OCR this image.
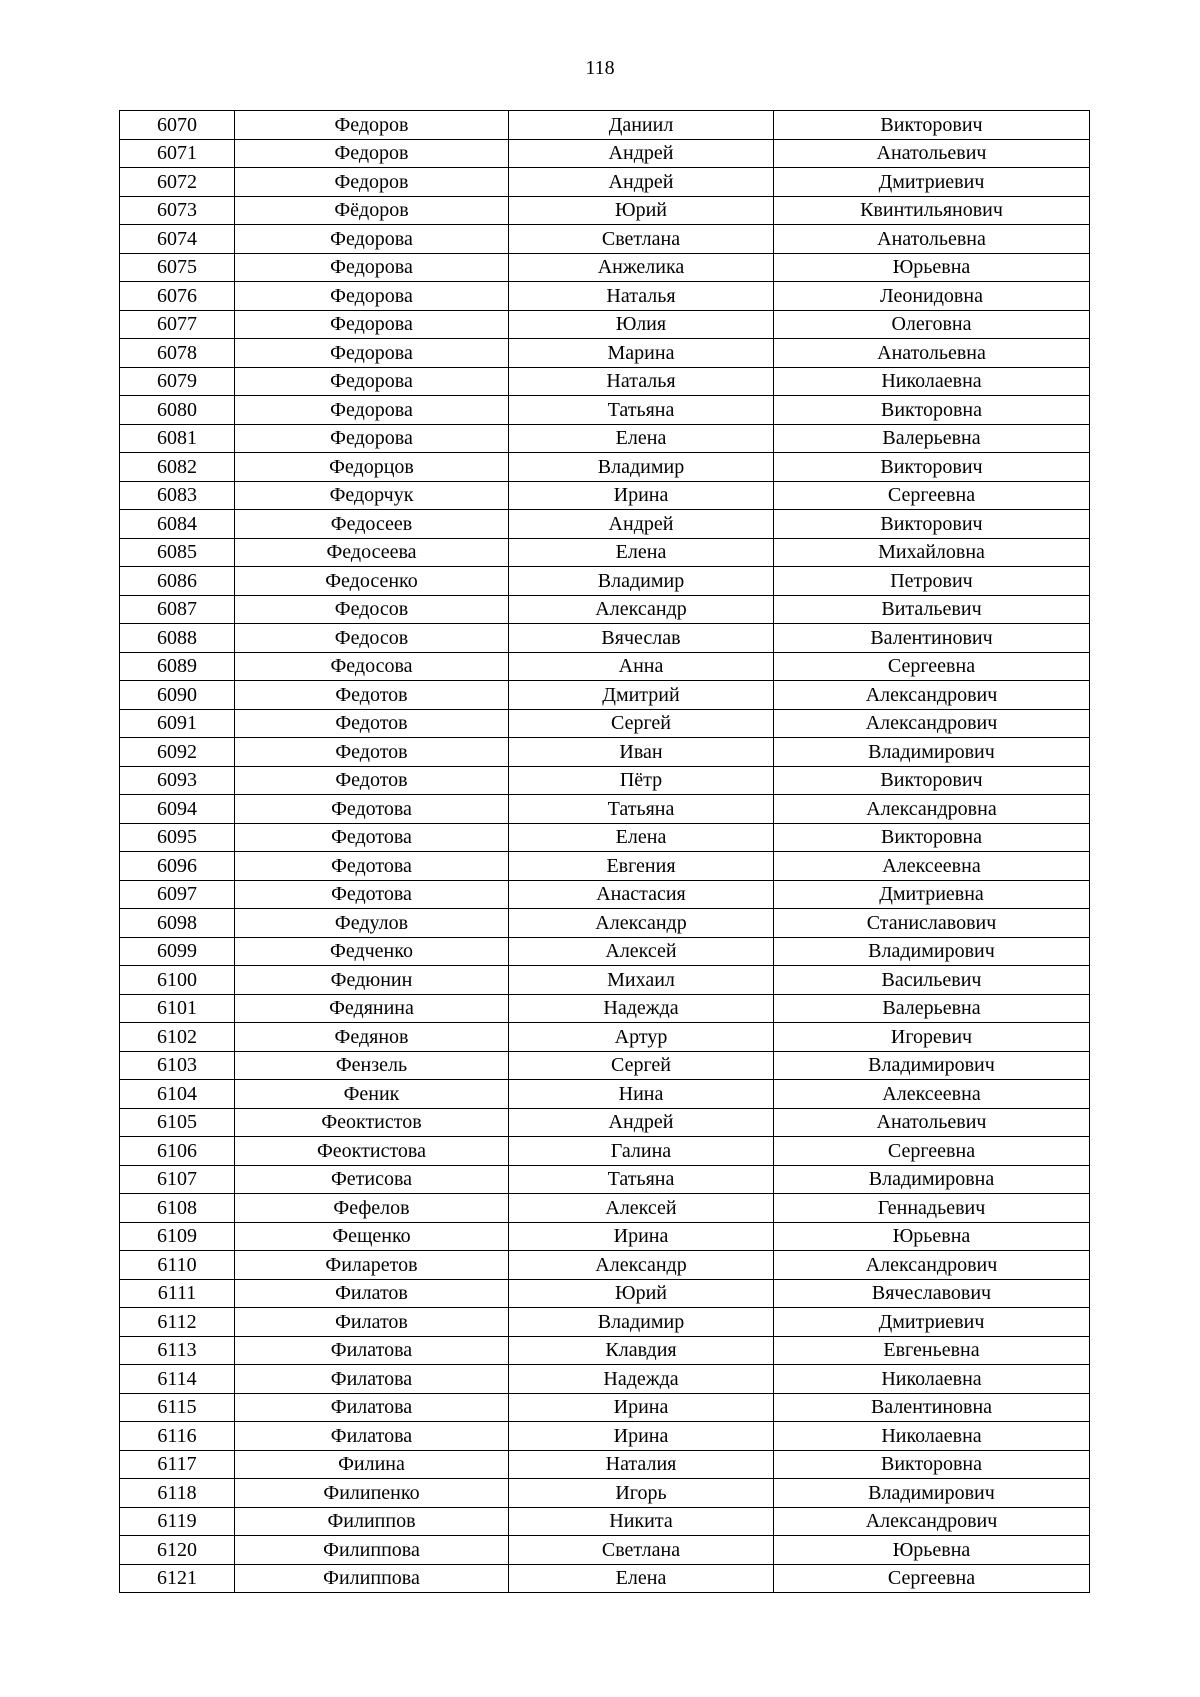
118
6070	Федоров	Даниил	Викторович
6071	Федоров	Андрей	Анатольевич
6072	Федоров	Андрей	Дмитриевич
6073	Фёдоров	Юрий	Квинтильянович
6074	Федорова	Светлана	Анатольевна
6075	Федорова	Анжелика	Юрьевна
6076	Федорова	Наталья	Леонидовна
6077	Федорова	Юлия	Олеговна
6078	Федорова	Марина	Анатольевна
6079	Федорова	Наталья	Николаевна
6080	Федорова	Татьяна	Викторовна
6081	Федорова	Елена	Валерьевна
6082	Федорцов	Владимир	Викторович
6083	Федорчук	Ирина	Сергеевна
6084	Федосеев	Андрей	Викторович
6085	Федосеева	Елена	Михайловна
6086	Федосенко	Владимир	Петрович
6087	Федосов	Александр	Витальевич
6088	Федосов	Вячеслав	Валентинович
6089	Федосова	Анна	Сергеевна
6090	Федотов	Дмитрий	Александрович
6091	Федотов	Сергей	Александрович
6092	Федотов	Иван	Владимирович
6093	Федотов	Пётр	Викторович
6094	Федотова	Татьяна	Александровна
6095	Федотова	Елена	Викторовна
6096	Федотова	Евгения	Алексеевна
6097	Федотова	Анастасия	Дмитриевна
6098	Федулов	Александр	Станиславович
6099	Федченко	Алексей	Владимирович
6100	Федюнин	Михаил	Васильевич
6101	Федянина	Надежда	Валерьевна
6102	Федянов	Артур	Игоревич
6103	Фензель	Сергей	Владимирович
6104	Феник	Нина	Алексеевна
6105	Феоктистов	Андрей	Анатольевич
6106	Феоктистова	Галина	Сергеевна
6107	Фетисова	Татьяна	Владимировна
6108	Фефелов	Алексей	Геннадьевич
6109	Фещенко	Ирина	Юрьевна
6110	Филаретов	Александр	Александрович
6111	Филатов	Юрий	Вячеславович
6112	Филатов	Владимир	Дмитриевич
6113	Филатова	Клавдия	Евгеньевна
6114	Филатова	Надежда	Николаевна
6115	Филатова	Ирина	Валентиновна
6116	Филатова	Ирина	Николаевна
6117	Филина	Наталия	Викторовна
6118	Филипенко	Игорь	Владимирович
6119	Филиппов	Никита	Александрович
6120	Филиппова	Светлана	Юрьевна
6121	Филиппова	Елена	Сергеевна
